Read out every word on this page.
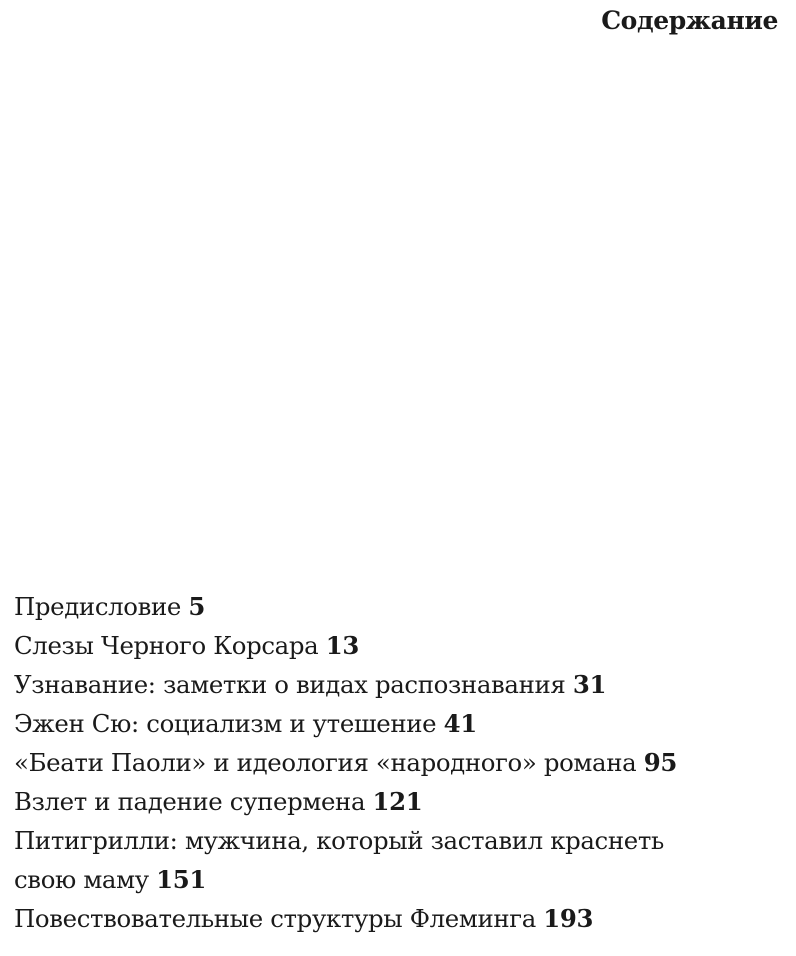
Содержание
Предисловие 5
Слезы Черного Корсара 13
Узнавание: заметки о видах распознавания 31
Эжен Сю: социализм и утешение 41
«Беати Паоли» и идеология «народного» романа 95
Взлет и падение супермена 121
Питигрилли: мужчина, который заставил краснеть свою маму 151
Повествовательные структуры Флеминга 193
